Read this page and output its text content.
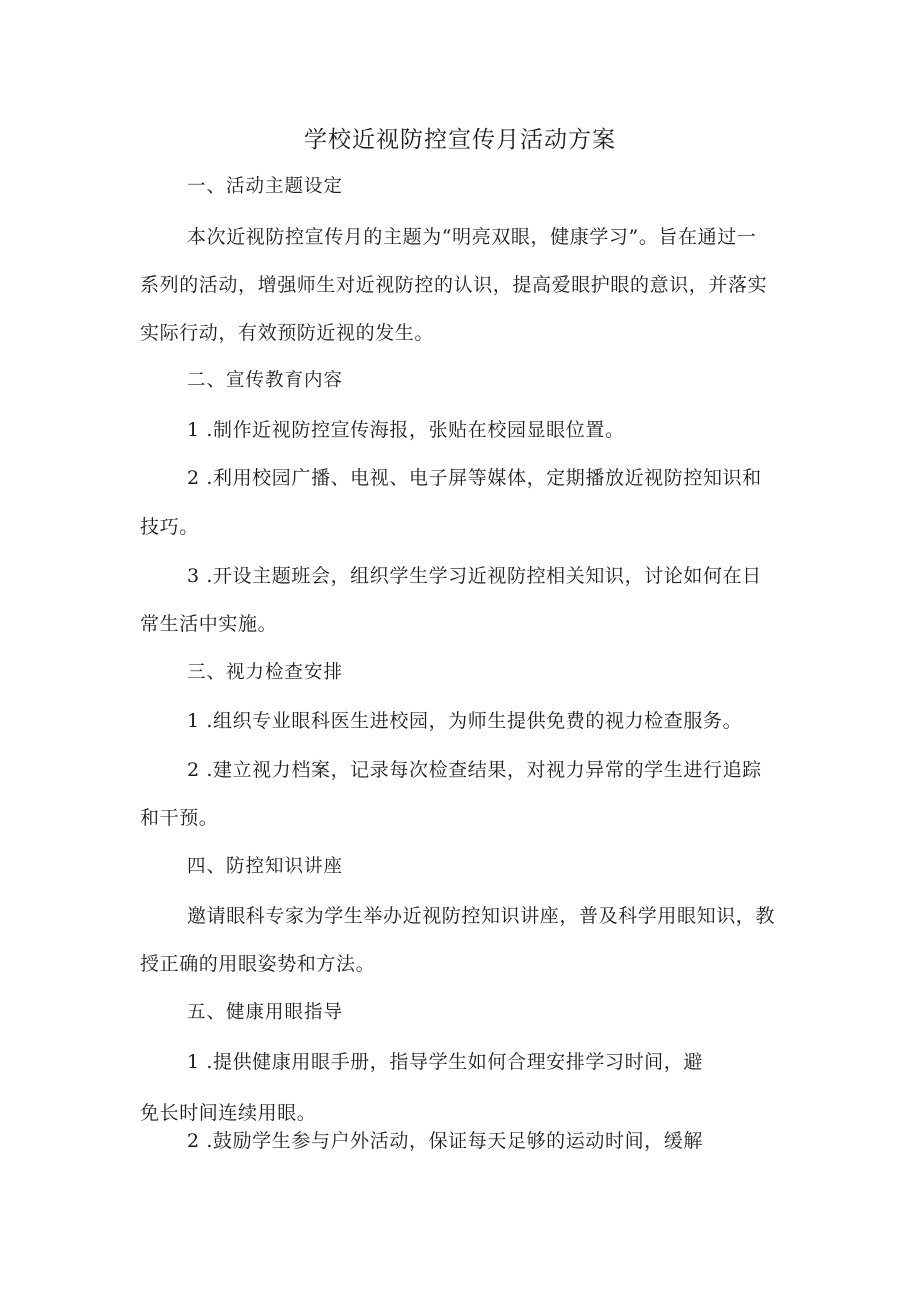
学校近视防控宣传月活动方案
一、活动主题设定
本次近视防控宣传月的主题为“明亮双眼，健康学习”。旨在通过一
系列的活动，增强师生对近视防控的认识，提高爱眼护眼的意识，并落实
实际行动，有效预防近视的发生。
二、宣传教育内容
1 .制作近视防控宣传海报，张贴在校园显眼位置。
2 .利用校园广播、电视、电子屏等媒体，定期播放近视防控知识和
技巧。
3 .开设主题班会，组织学生学习近视防控相关知识，讨论如何在日
常生活中实施。
三、视力检查安排
1 .组织专业眼科医生进校园，为师生提供免费的视力检查服务。
2 .建立视力档案，记录每次检查结果，对视力异常的学生进行追踪
和干预。
四、防控知识讲座
邀请眼科专家为学生举办近视防控知识讲座，普及科学用眼知识，教
授正确的用眼姿势和方法。
五、健康用眼指导
1 .提供健康用眼手册，指导学生如何合理安排学习时间，避
免长时间连续用眼。
2 .鼓励学生参与户外活动，保证每天足够的运动时间，缓解
